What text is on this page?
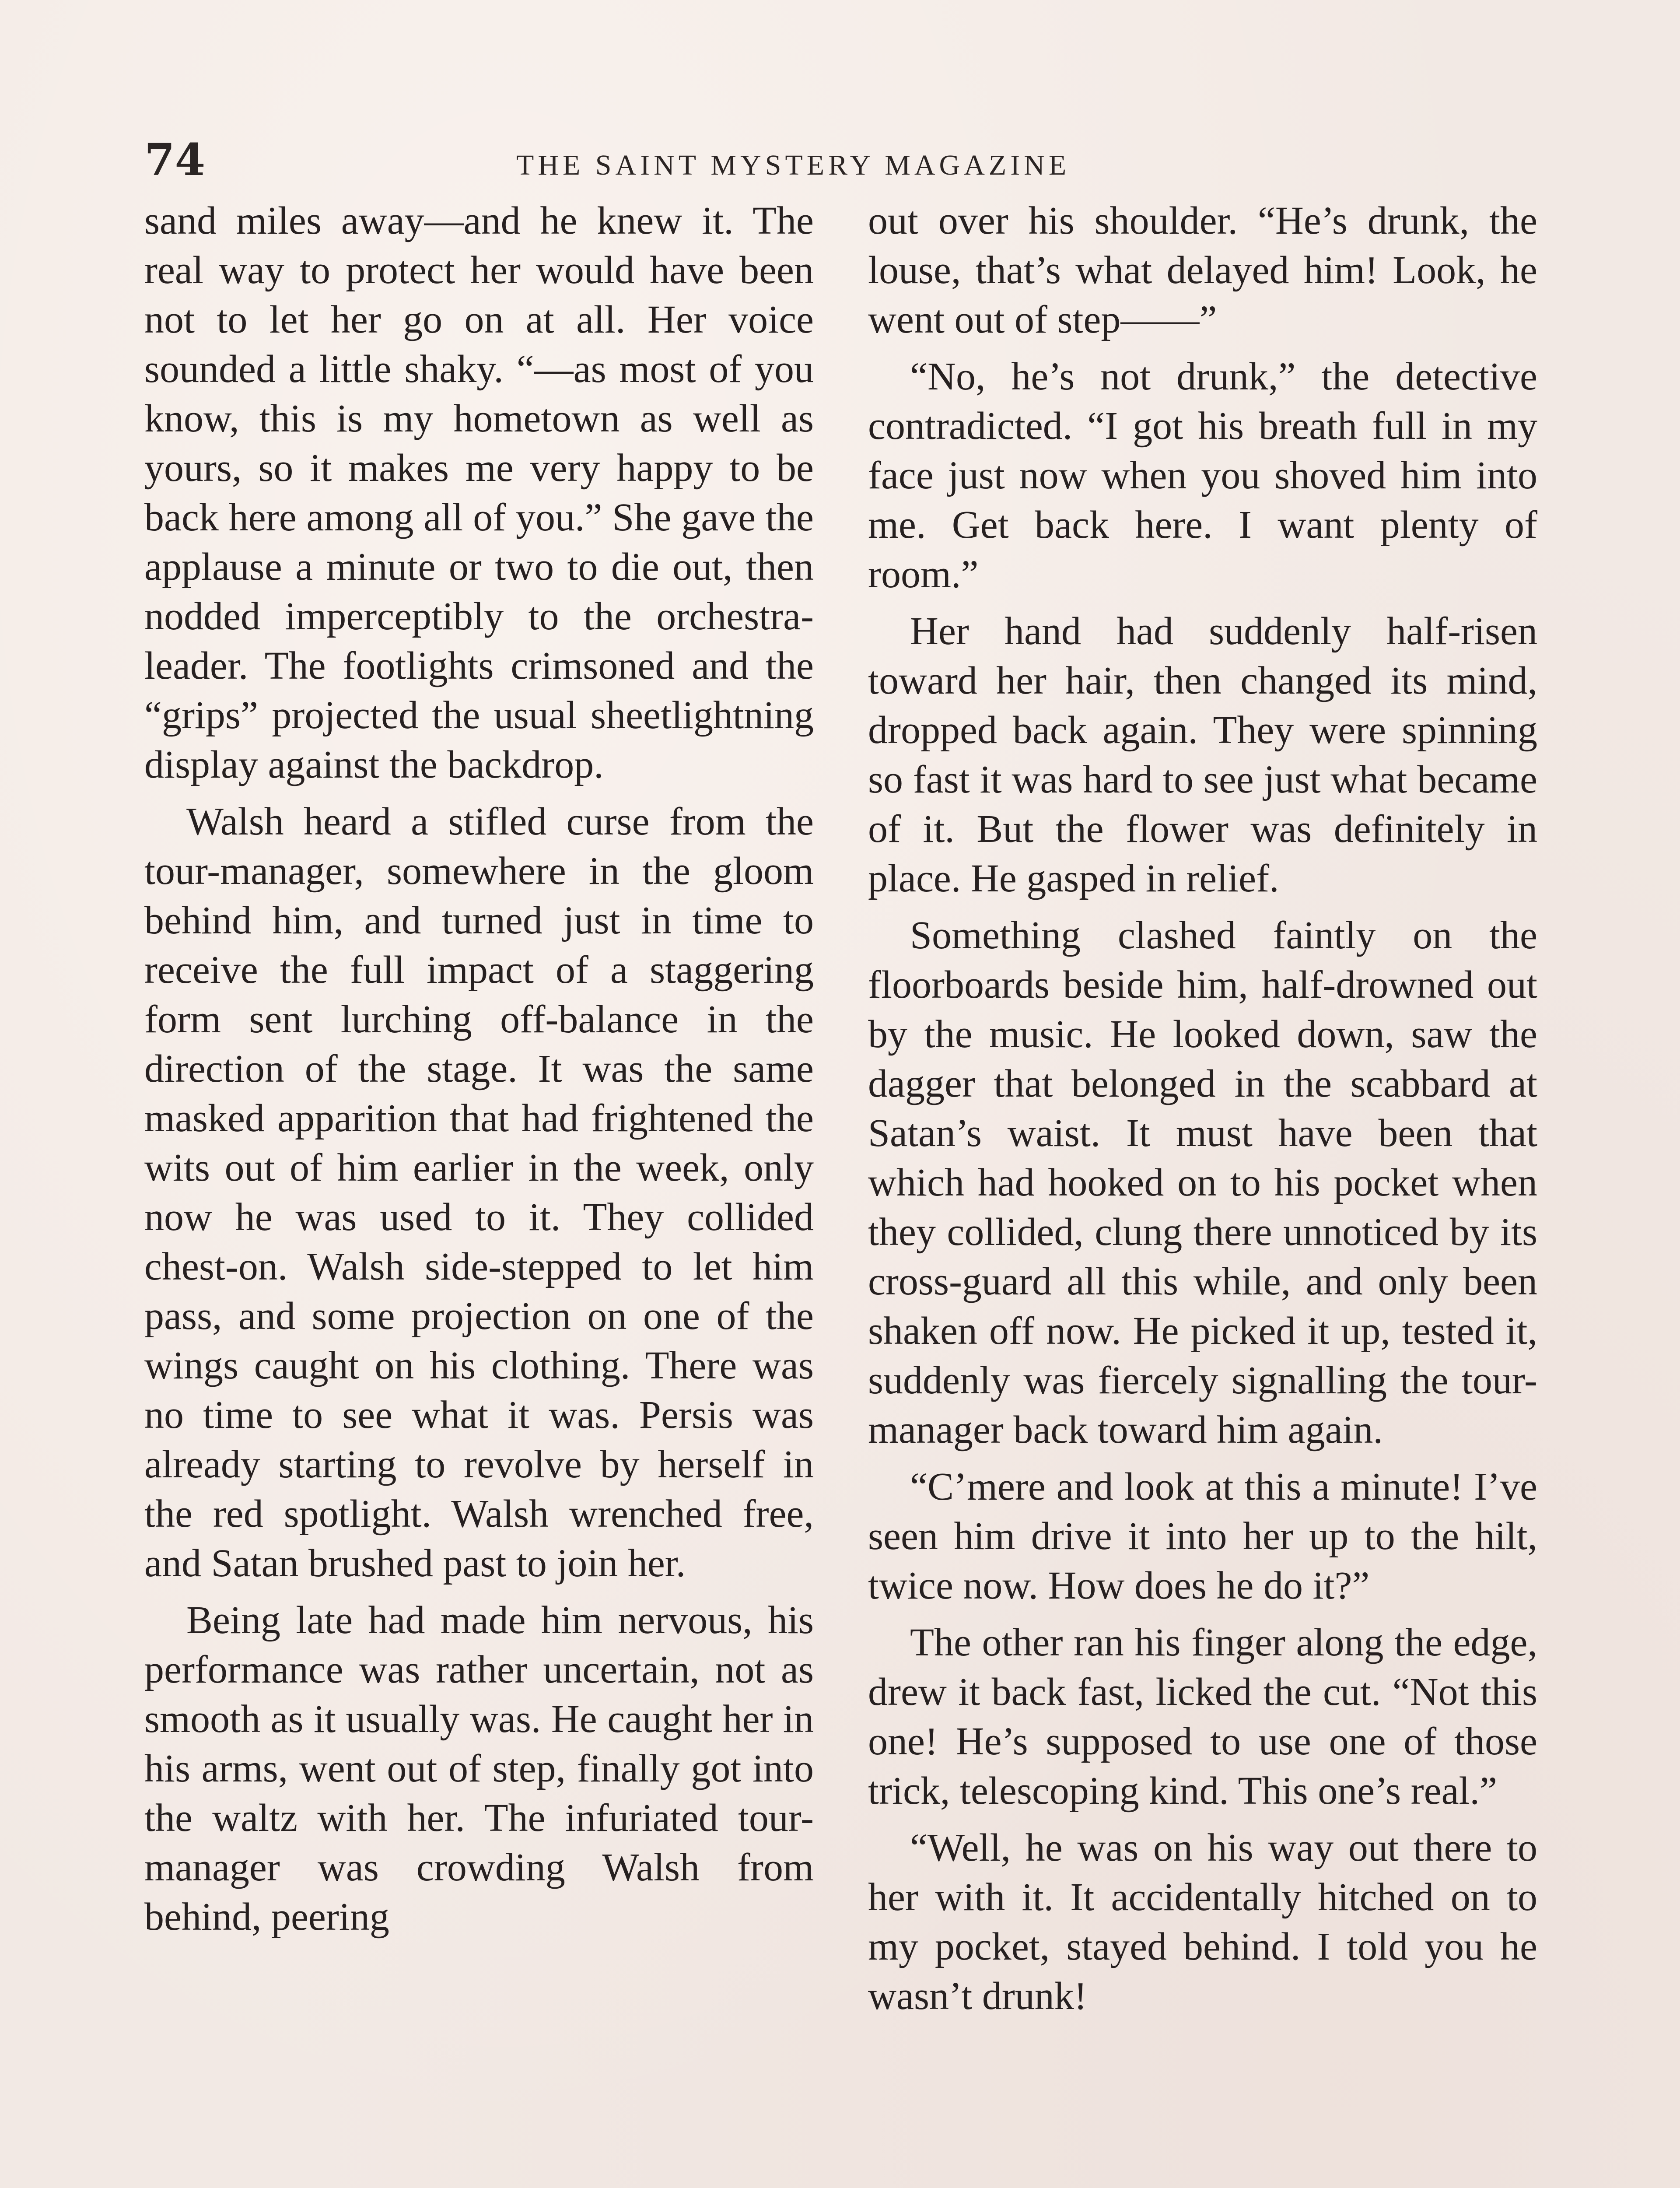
74	THE SAINT MYSTERY MAGAZINE

sand miles away—and he knew it. The real way to protect her would have been not to let her go on at all. Her voice sounded a little shaky. “—as most of you know, this is my hometown as well as yours, so it makes me very happy to be back here among all of you.” She gave the applause a minute or two to die out, then nodded imperceptibly to the orchestra-leader. The footlights crimsoned and the “grips” projected the usual sheetlightning display against the backdrop.

Walsh heard a stifled curse from the tour-manager, somewhere in the gloom behind him, and turned just in time to receive the full impact of a staggering form sent lurching off-balance in the direction of the stage. It was the same masked apparition that had frightened the wits out of him earlier in the week, only now he was used to it. They collided chest-on. Walsh side-stepped to let him pass, and some projection on one of the wings caught on his clothing. There was no time to see what it was. Persis was already starting to revolve by herself in the red spotlight. Walsh wrenched free, and Satan brushed past to join her.

Being late had made him nervous, his performance was rather uncertain, not as smooth as it usually was. He caught her in his arms, went out of step, finally got into the waltz with her. The infuriated tour-manager was crowding Walsh from behind, peering

out over his shoulder. “He’s drunk, the louse, that’s what delayed him! Look, he went out of step——”

“No, he’s not drunk,” the detective contradicted. “I got his breath full in my face just now when you shoved him into me. Get back here. I want plenty of room.”

Her hand had suddenly half-risen toward her hair, then changed its mind, dropped back again. They were spinning so fast it was hard to see just what became of it. But the flower was definitely in place. He gasped in relief.

Something clashed faintly on the floorboards beside him, half-drowned out by the music. He looked down, saw the dagger that belonged in the scabbard at Satan’s waist. It must have been that which had hooked on to his pocket when they collided, clung there unnoticed by its cross-guard all this while, and only been shaken off now. He picked it up, tested it, suddenly was fiercely signalling the tour-manager back toward him again.

“C’mere and look at this a minute! I’ve seen him drive it into her up to the hilt, twice now. How does he do it?”

The other ran his finger along the edge, drew it back fast, licked the cut. “Not this one! He’s supposed to use one of those trick, telescoping kind. This one’s real.”

“Well, he was on his way out there to her with it. It accidentally hitched on to my pocket, stayed behind. I told you he wasn’t drunk!
